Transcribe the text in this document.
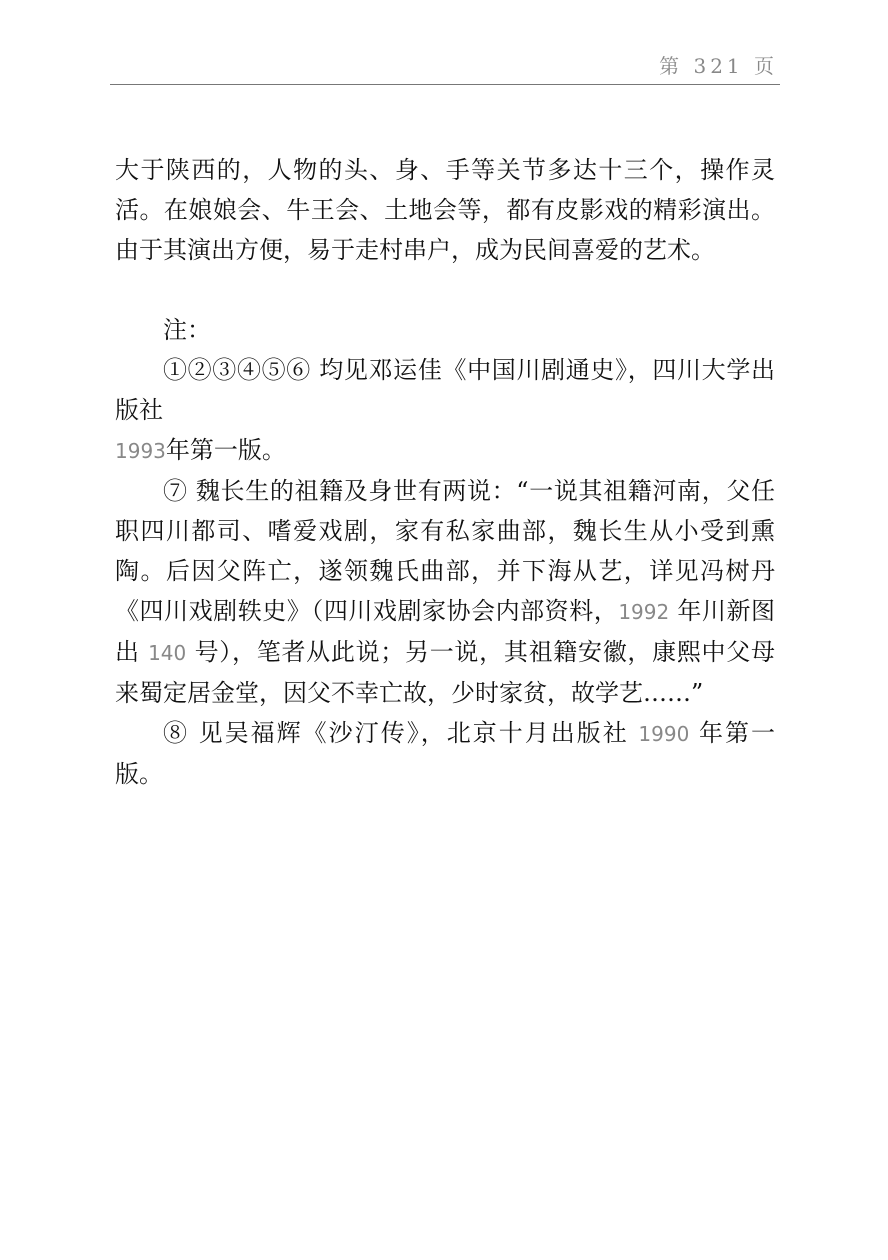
第 321 页

大于陕西的，人物的头、身、手等关节多达十三个，操作灵活。在娘娘会、牛王会、土地会等，都有皮影戏的精彩演出。由于其演出方便，易于走村串户，成为民间喜爱的艺术。

注：

①②③④⑤⑥ 均见邓运佳《中国川剧通史》，四川大学出版社
1993年第一版。

⑦ 魏长生的祖籍及身世有两说：“一说其祖籍河南，父任职四川都司、嗜爱戏剧，家有私家曲部，魏长生从小受到熏陶。后因父阵亡，遂领魏氏曲部，并下海从艺，详见冯树丹《四川戏剧轶史》（四川戏剧家协会内部资料，1992 年川新图出 140 号），笔者从此说；另一说，其祖籍安徽，康熙中父母来蜀定居金堂，因父不幸亡故，少时家贫，故学艺……”

⑧ 见吴福辉《沙汀传》，北京十月出版社 1990 年第一版。
